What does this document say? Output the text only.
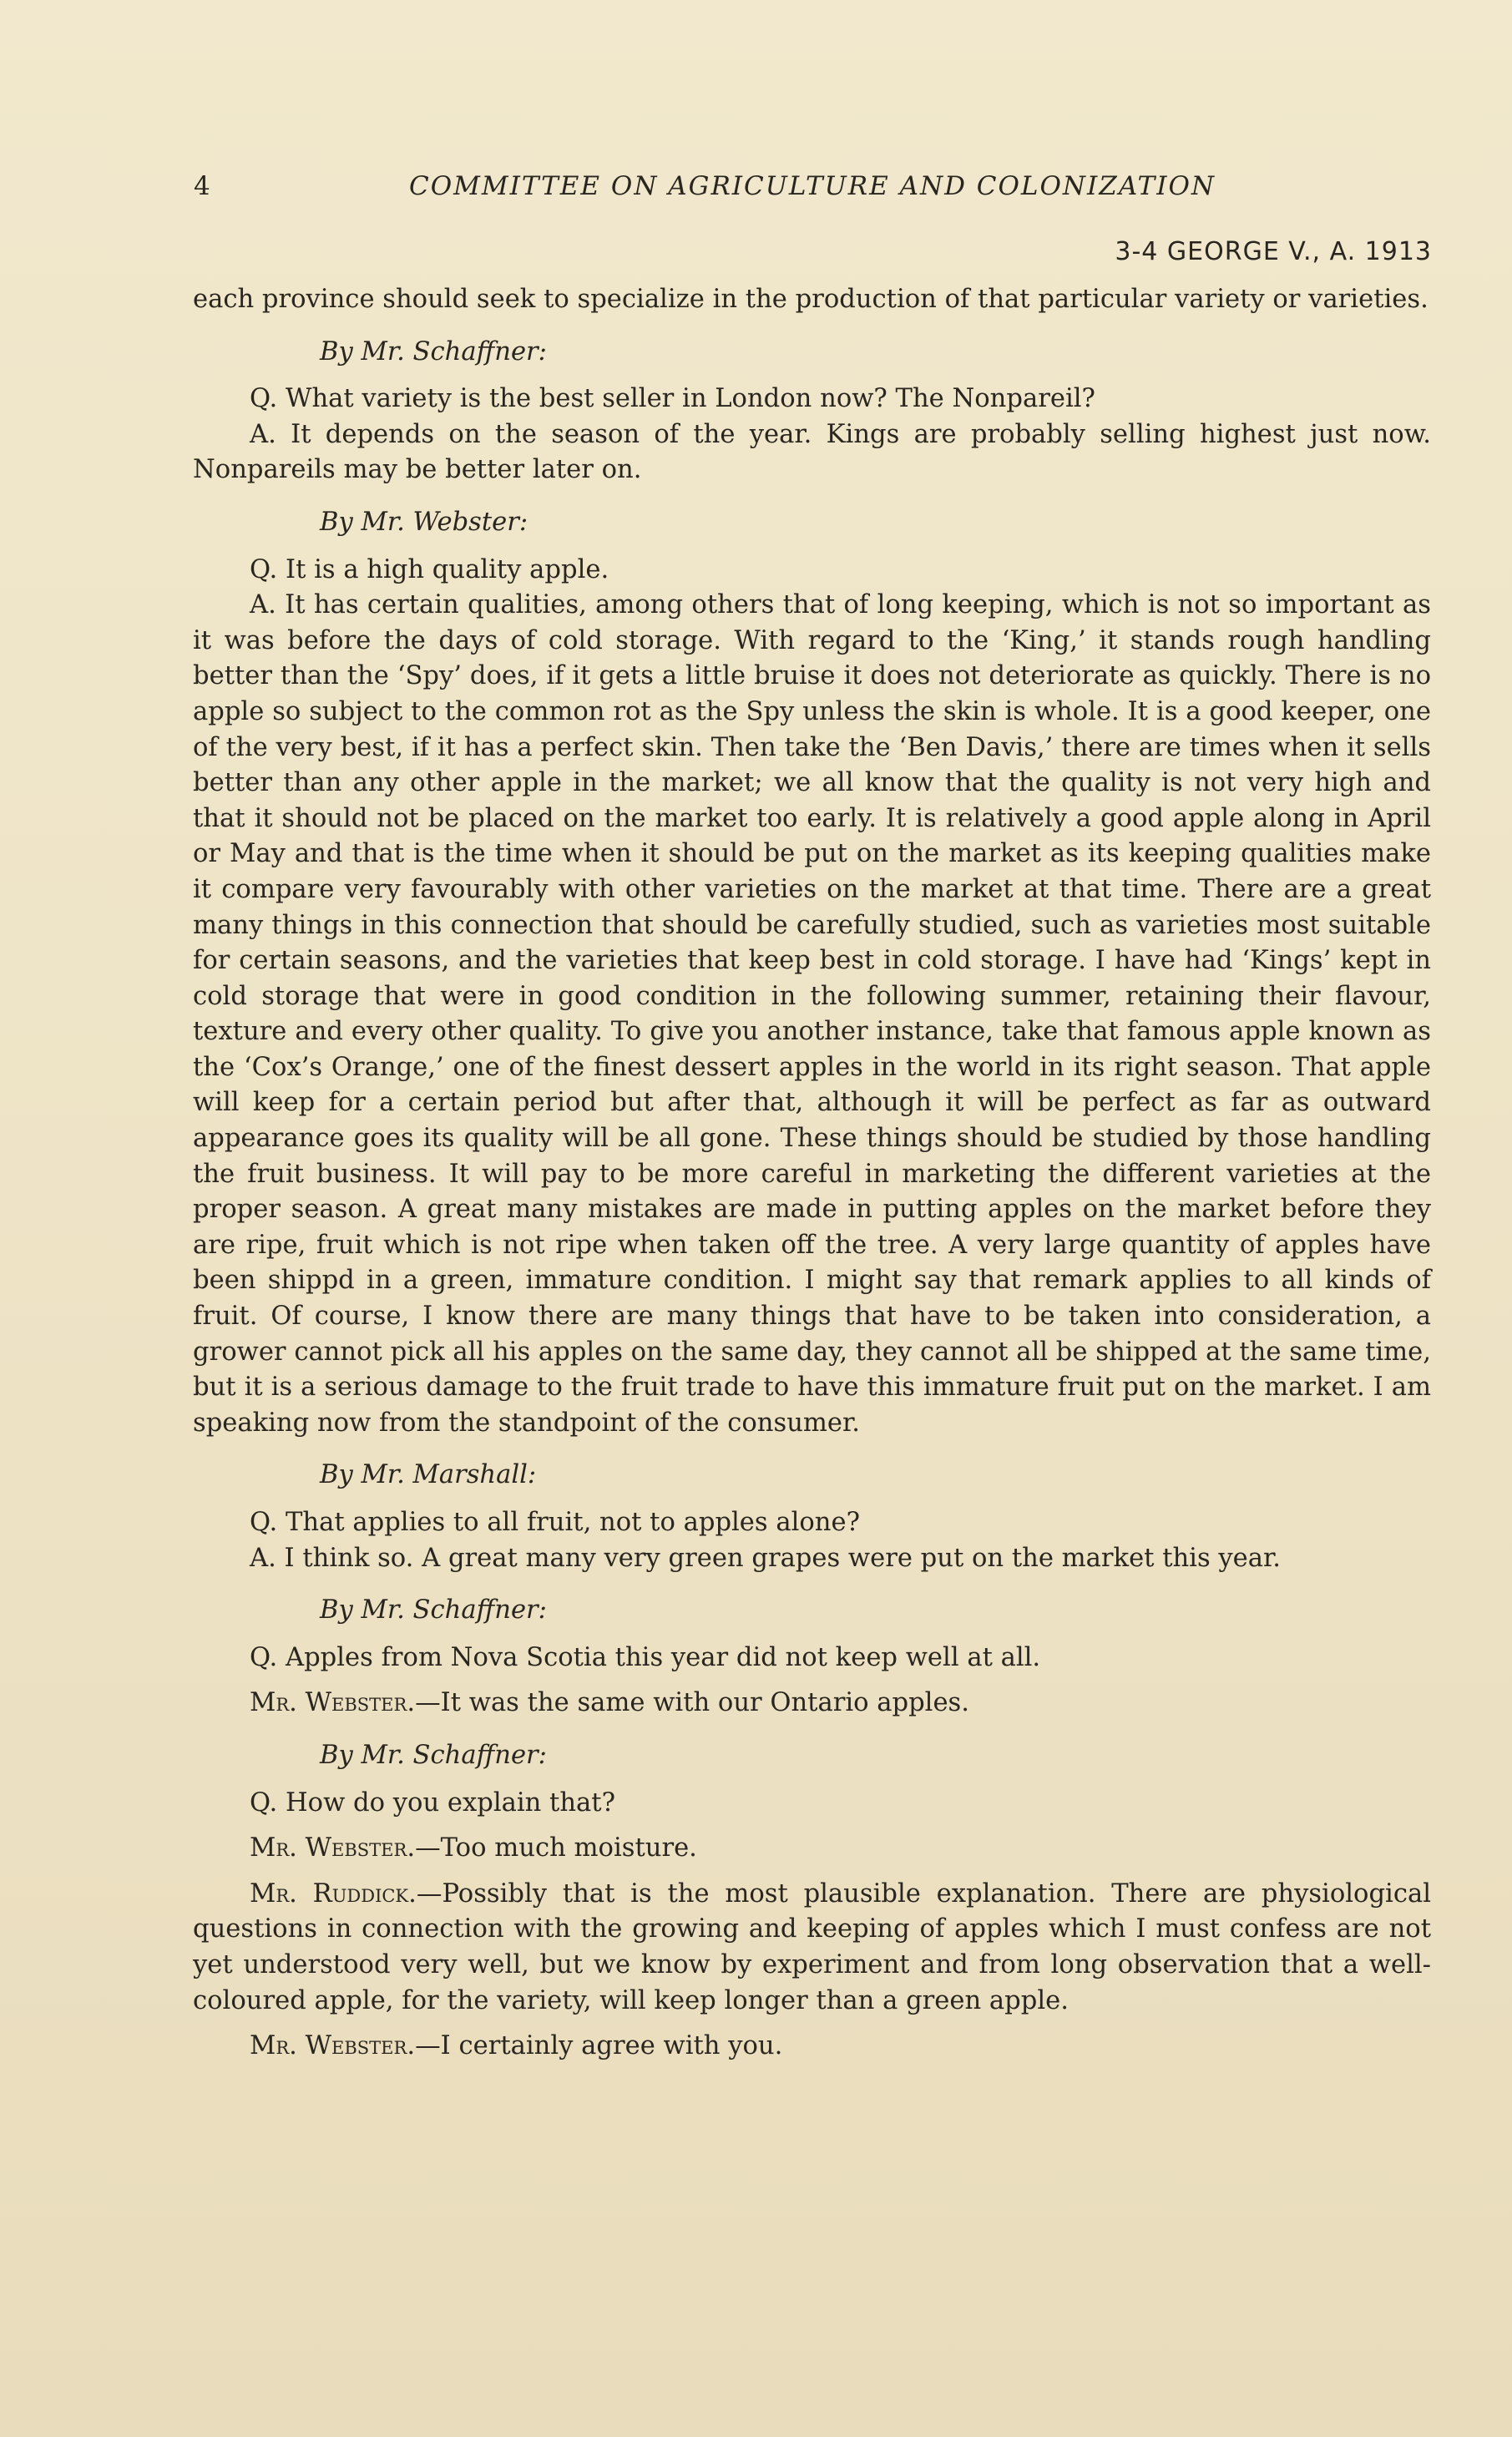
4	COMMITTEE ON AGRICULTURE AND COLONIZATION
3-4 GEORGE V., A. 1913

each province should seek to specialize in the production of that particular variety or varieties.

By Mr. Schaffner:

Q. What variety is the best seller in London now? The Nonpareil?

A. It depends on the season of the year. Kings are probably selling highest just now. Nonpareils may be better later on.

By Mr. Webster:

Q. It is a high quality apple.

A. It has certain qualities, among others that of long keeping, which is not so important as it was before the days of cold storage. With regard to the ‘King,’ it stands rough handling better than the ‘Spy’ does, if it gets a little bruise it does not deteriorate as quickly. There is no apple so subject to the common rot as the Spy unless the skin is whole. It is a good keeper, one of the very best, if it has a perfect skin. Then take the ‘Ben Davis,’ there are times when it sells better than any other apple in the market; we all know that the quality is not very high and that it should not be placed on the market too early. It is relatively a good apple along in April or May and that is the time when it should be put on the market as its keeping qualities make it compare very favourably with other varieties on the market at that time. There are a great many things in this connection that should be carefully studied, such as varieties most suitable for certain seasons, and the varieties that keep best in cold storage. I have had ‘Kings’ kept in cold storage that were in good condition in the following summer, retaining their flavour, texture and every other quality. To give you another instance, take that famous apple known as the ‘Cox’s Orange,’ one of the finest dessert apples in the world in its right season. That apple will keep for a certain period but after that, although it will be perfect as far as outward appearance goes its quality will be all gone. These things should be studied by those handling the fruit business. It will pay to be more careful in marketing the different varieties at the proper season. A great many mistakes are made in putting apples on the market before they are ripe, fruit which is not ripe when taken off the tree. A very large quantity of apples have been shippd in a green, immature condition. I might say that remark applies to all kinds of fruit. Of course, I know there are many things that have to be taken into consideration, a grower cannot pick all his apples on the same day, they cannot all be shipped at the same time, but it is a serious damage to the fruit trade to have this immature fruit put on the market. I am speaking now from the standpoint of the consumer.

By Mr. Marshall:

Q. That applies to all fruit, not to apples alone?

A. I think so. A great many very green grapes were put on the market this year.

By Mr. Schaffner:

Q. Apples from Nova Scotia this year did not keep well at all.

Mr. Webster.—It was the same with our Ontario apples.

By Mr. Schaffner:

Q. How do you explain that?

Mr. Webster.—Too much moisture.

Mr. Ruddick.—Possibly that is the most plausible explanation. There are physiological questions in connection with the growing and keeping of apples which I must confess are not yet understood very well, but we know by experiment and from long observation that a well-coloured apple, for the variety, will keep longer than a green apple.

Mr. Webster.—I certainly agree with you.
